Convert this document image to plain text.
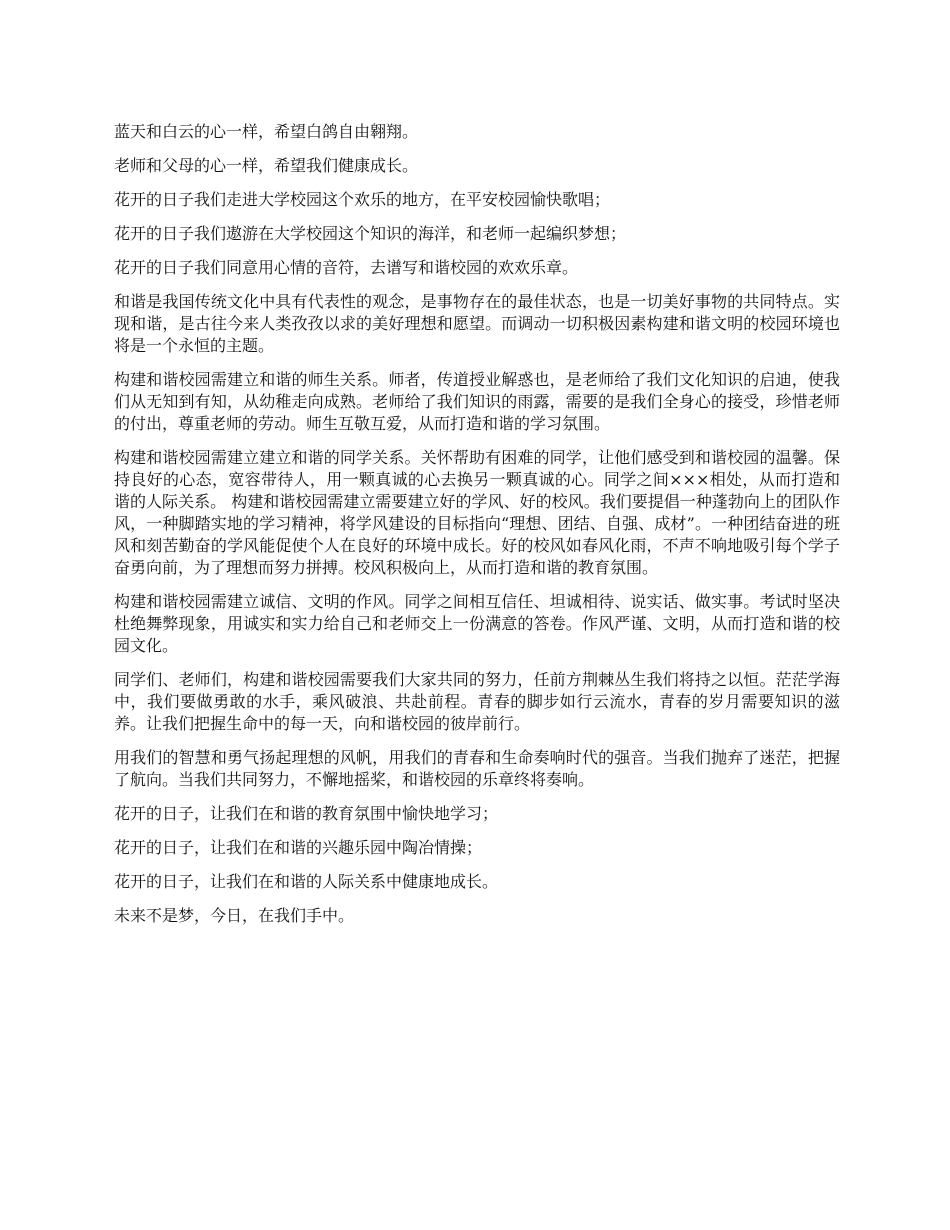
蓝天和白云的心一样，希望白鸽自由翱翔。

老师和父母的心一样，希望我们健康成长。

花开的日子我们走进大学校园这个欢乐的地方，在平安校园愉快歌唱；

花开的日子我们遨游在大学校园这个知识的海洋，和老师一起编织梦想；

花开的日子我们同意用心情的音符，去谱写和谐校园的欢欢乐章。

和谐是我国传统文化中具有代表性的观念，是事物存在的最佳状态，也是一切美好事物的共同特点。实现和谐，是古往今来人类孜孜以求的美好理想和愿望。而调动一切积极因素构建和谐文明的校园环境也将是一个永恒的主题。

构建和谐校园需建立和谐的师生关系。师者，传道授业解惑也，是老师给了我们文化知识的启迪，使我们从无知到有知，从幼稚走向成熟。老师给了我们知识的雨露，需要的是我们全身心的接受，珍惜老师的付出，尊重老师的劳动。师生互敬互爱，从而打造和谐的学习氛围。

构建和谐校园需建立建立和谐的同学关系。关怀帮助有困难的同学，让他们感受到和谐校园的温馨。保持良好的心态，宽容带待人，用一颗真诚的心去换另一颗真诚的心。同学之间×××相处，从而打造和谐的人际关系。 构建和谐校园需建立需要建立好的学风、好的校风。我们要提倡一种蓬勃向上的团队作风，一种脚踏实地的学习精神，将学风建设的目标指向“理想、团结、自强、成材”。一种团结奋进的班风和刻苦勤奋的学风能促使个人在良好的环境中成长。好的校风如春风化雨，不声不响地吸引每个学子奋勇向前，为了理想而努力拼搏。校风积极向上，从而打造和谐的教育氛围。

构建和谐校园需建立诚信、文明的作风。同学之间相互信任、坦诚相待、说实话、做实事。考试时坚决杜绝舞弊现象，用诚实和实力给自己和老师交上一份满意的答卷。作风严谨、文明，从而打造和谐的校园文化。

同学们、老师们，构建和谐校园需要我们大家共同的努力，任前方荆棘丛生我们将持之以恒。茫茫学海中，我们要做勇敢的水手，乘风破浪、共赴前程。青春的脚步如行云流水，青春的岁月需要知识的滋养。让我们把握生命中的每一天，向和谐校园的彼岸前行。

用我们的智慧和勇气扬起理想的风帆，用我们的青春和生命奏响时代的强音。当我们抛弃了迷茫，把握了航向。当我们共同努力，不懈地摇桨，和谐校园的乐章终将奏响。

花开的日子，让我们在和谐的教育氛围中愉快地学习；

花开的日子，让我们在和谐的兴趣乐园中陶冶情操；

花开的日子，让我们在和谐的人际关系中健康地成长。

未来不是梦，今日，在我们手中。
